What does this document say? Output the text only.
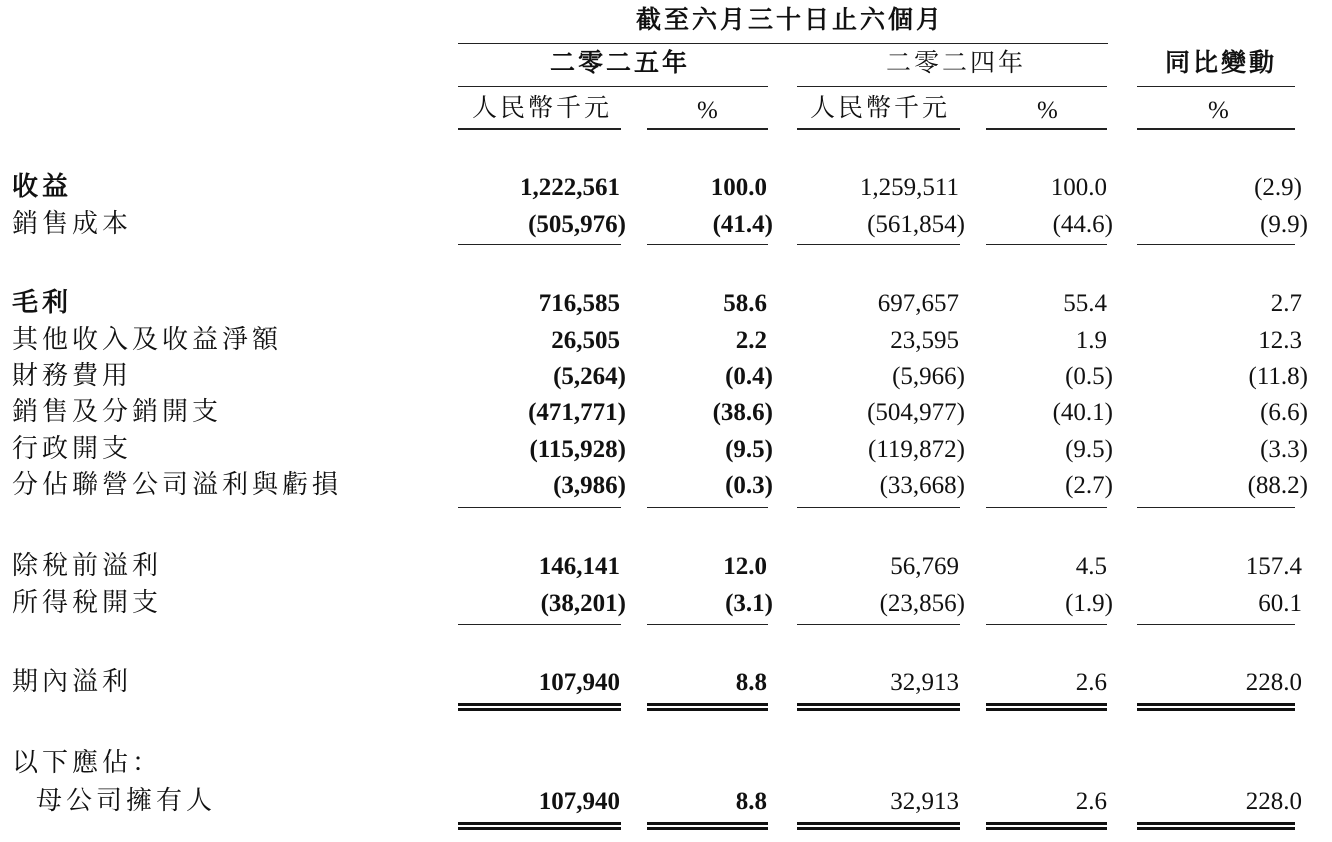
截至六月三十日止六個月
二零二五年	二零二四年	同比變動
人民幣千元	%	人民幣千元	%	%
收益	1,222,561	100.0	1,259,511	100.0	(2.9)
銷售成本	(505,976)	(41.4)	(561,854)	(44.6)	(9.9)
毛利	716,585	58.6	697,657	55.4	2.7
其他收入及收益淨額	26,505	2.2	23,595	1.9	12.3
財務費用	(5,264)	(0.4)	(5,966)	(0.5)	(11.8)
銷售及分銷開支	(471,771)	(38.6)	(504,977)	(40.1)	(6.6)
行政開支	(115,928)	(9.5)	(119,872)	(9.5)	(3.3)
分佔聯營公司溢利與虧損	(3,986)	(0.3)	(33,668)	(2.7)	(88.2)
除稅前溢利	146,141	12.0	56,769	4.5	157.4
所得稅開支	(38,201)	(3.1)	(23,856)	(1.9)	60.1
期內溢利	107,940	8.8	32,913	2.6	228.0
以下應佔：
母公司擁有人	107,940	8.8	32,913	2.6	228.0
